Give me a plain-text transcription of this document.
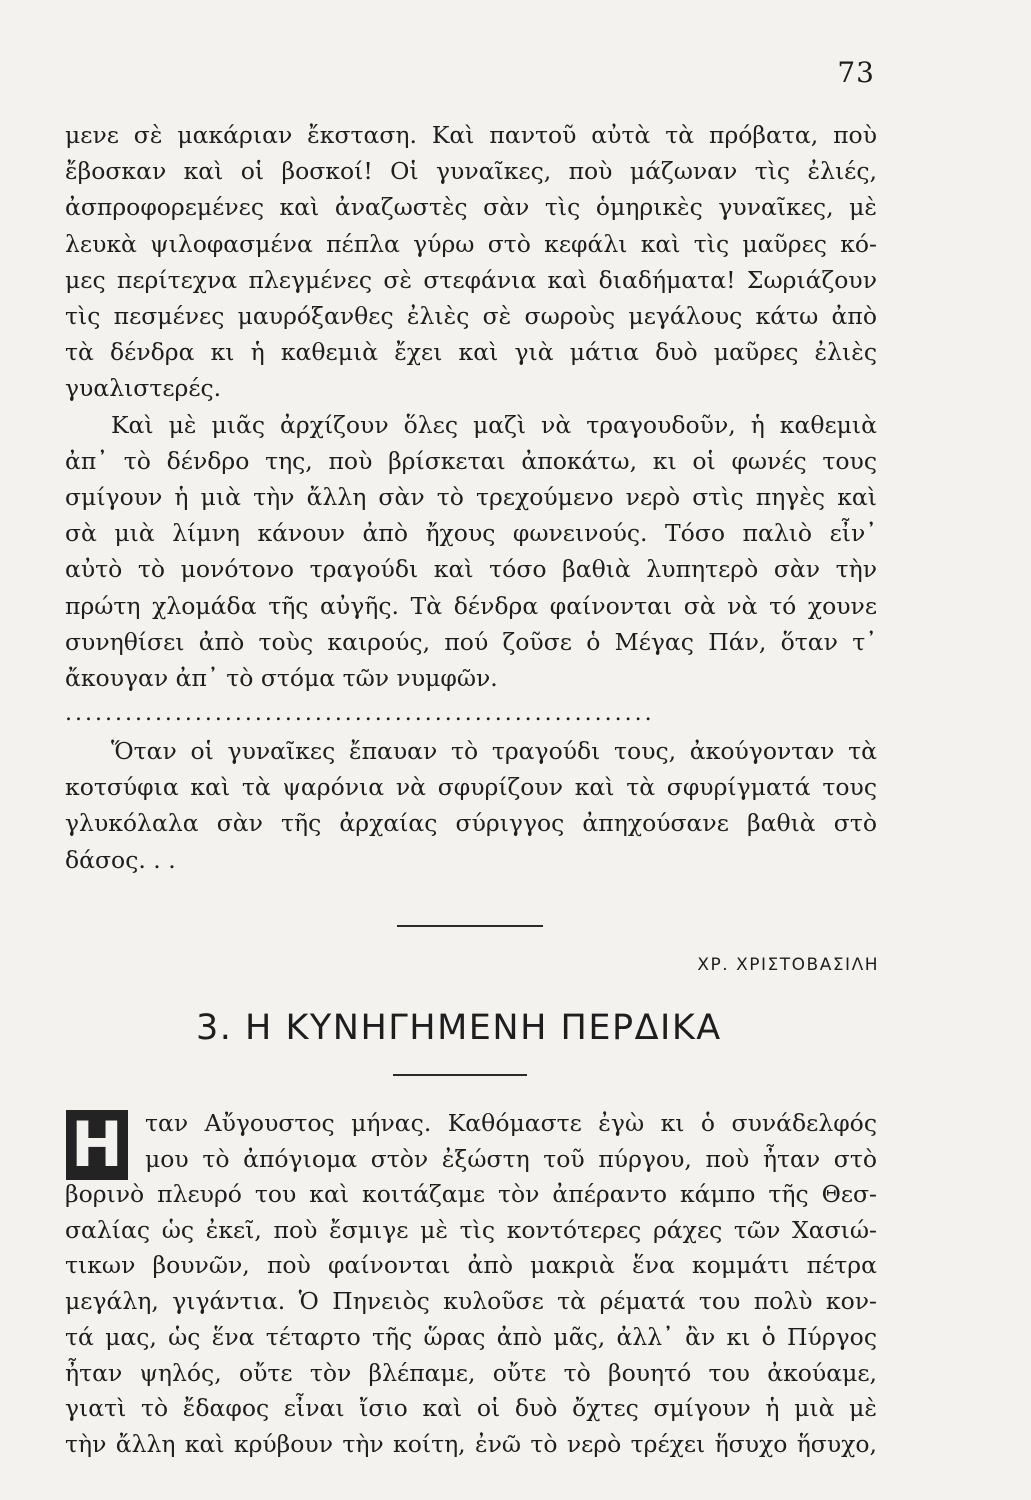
73
μενε σὲ μακάριαν ἔκσταση. Καὶ παντοῦ αὐτὰ τὰ πρόβατα, ποὺ
ἔβοσκαν καὶ οἱ βοσκοί! Οἱ γυναῖκες, ποὺ μάζωναν τὶς ἐλιές,
ἀσπροφορεμένες καὶ ἀναζωστὲς σὰν τὶς ὁμηρικὲς γυναῖκες, μὲ
λευκὰ ψιλοφασμένα πέπλα γύρω στὸ κεφάλι καὶ τὶς μαῦρες κό-
μες περίτεχνα πλεγμένες σὲ στεφάνια καὶ διαδήματα! Σωριάζουν
τὶς πεσμένες μαυρόξανθες ἐλιὲς σὲ σωροὺς μεγάλους κάτω ἀπὸ
τὰ δένδρα κι ἡ καθεμιὰ ἔχει καὶ γιὰ μάτια δυὸ μαῦρες ἐλιὲς
γυαλιστερές.
Καὶ μὲ μιᾶς ἀρχίζουν ὅλες μαζὶ νὰ τραγουδοῦν, ἡ καθεμιὰ
ἀπ᾿ τὸ δένδρο της, ποὺ βρίσκεται ἀποκάτω, κι οἱ φωνές τους
σμίγουν ἡ μιὰ τὴν ἄλλη σὰν τὸ τρεχούμενο νερὸ στὶς πηγὲς καὶ
σὰ μιὰ λίμνη κάνουν ἀπὸ ἤχους φωνεινούς. Τόσο παλιὸ εἶν᾿
αὐτὸ τὸ μονότονο τραγούδι καὶ τόσο βαθιὰ λυπητερὸ σὰν τὴν
πρώτη χλομάδα τῆς αὐγῆς. Τὰ δένδρα φαίνονται σὰ νὰ τό χουνε
συνηθίσει ἀπὸ τοὺς καιρούς, πού ζοῦσε ὁ Μέγας Πάν, ὅταν τ᾿
ἄκουγαν ἀπ᾿ τὸ στόμα τῶν νυμφῶν.
...........................................................
Ὅταν οἱ γυναῖκες ἔπαυαν τὸ τραγούδι τους, ἀκούγονταν τὰ
κοτσύφια καὶ τὰ ψαρόνια νὰ σφυρίζουν καὶ τὰ σφυρίγματά τους
γλυκόλαλα σὰν τῆς ἀρχαίας σύριγγος ἀπηχούσανε βαθιὰ στὸ
δάσος. . .
ΧΡ. ΧΡΙΣΤΟΒΑΣΙΛΗ
3. Η ΚΥΝΗΓΗΜΕΝΗ ΠΕΡΔΙΚΑ
Η ταν Αὔγουστος μήνας. Καθόμαστε ἐγὼ κι ὁ συνάδελφός
μου τὸ ἀπόγιομα στὸν ἐξώστη τοῦ πύργου, ποὺ ἦταν στὸ
βορινὸ πλευρό του καὶ κοιτάζαμε τὸν ἀπέραντο κάμπο τῆς Θεσ-
σαλίας ὡς ἐκεῖ, ποὺ ἔσμιγε μὲ τὶς κοντότερες ράχες τῶν Χασιώ-
τικων βουνῶν, ποὺ φαίνονται ἀπὸ μακριὰ ἕνα κομμάτι πέτρα
μεγάλη, γιγάντια. Ὁ Πηνειὸς κυλοῦσε τὰ ρέματά του πολὺ κον-
τά μας, ὡς ἕνα τέταρτο τῆς ὥρας ἀπὸ μᾶς, ἀλλ᾿ ἂν κι ὁ Πύργος
ἦταν ψηλός, οὔτε τὸν βλέπαμε, οὔτε τὸ βουητό του ἀκούαμε,
γιατὶ τὸ ἔδαφος εἶναι ἴσιο καὶ οἱ δυὸ ὄχτες σμίγουν ἡ μιὰ μὲ
τὴν ἄλλη καὶ κρύβουν τὴν κοίτη, ἐνῶ τὸ νερὸ τρέχει ἥσυχο ἥσυχο,
